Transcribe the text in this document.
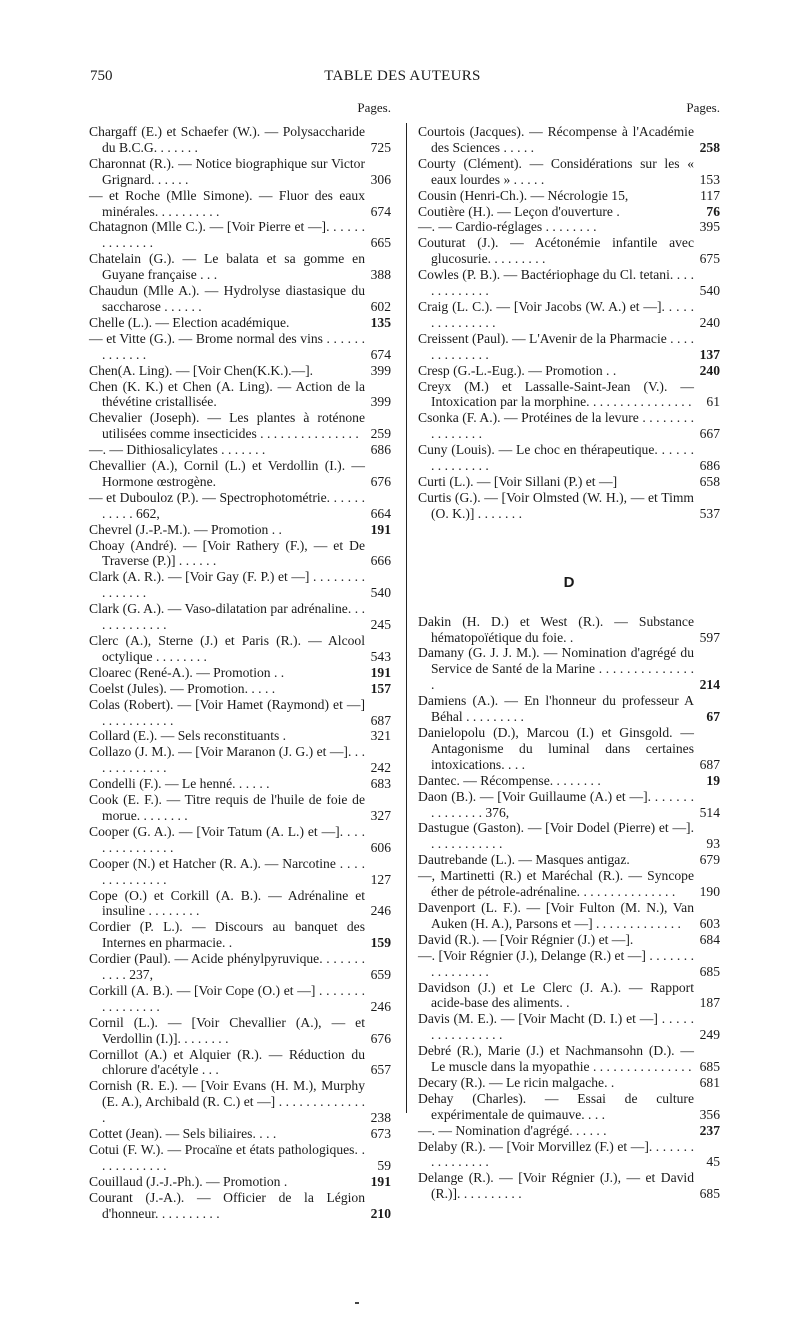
750	TABLE DES AUTEURS
Pages.
Chargaff (E.) et Schaefer (W.). — Polysaccharide du B.C.G. . . . . . .	725
Charonnat (R.). — Notice biographique sur Victor Grignard. . . . . .	306
— et Roche (Mlle Simone). — Fluor des eaux minérales. . . . . . . . . .	674
Chatagnon (Mlle C.). — [Voir Pierre et —]. . . . . . . . . . . . . .	665
Chatelain (G.). — Le balata et sa gomme en Guyane française . . .	388
Chaudun (Mlle A.). — Hydrolyse diastasique du saccharose . . . . . .	602
Chelle (L.). — Election académique.	135
— et Vitte (G.). — Brome normal des vins . . . . . . . . . . . . .	674
Chen(A. Ling). — [Voir Chen(K.K.).—].	399
Chen (K. K.) et Chen (A. Ling). — Action de la thévétine cristallisée.	399
Chevalier (Joseph). — Les plantes à roténone utilisées comme insecticides . . . . . . . . . . . . . . . 259
—. — Dithiosalicylates . . . . . . .	686
Chevallier (A.), Cornil (L.) et Verdollin (I.). — Hormone œstrogène.	676
— et Dubouloz (P.). — Spectrophotométrie. . . . . . . . . . . 662,	664
Chevrel (J.-P.-M.). — Promotion . .	191
Choay (André). — [Voir Rathery (F.), — et De Traverse (P.)] . . . . . .	666
Clark (A. R.). — [Voir Gay (F. P.) et —] . . . . . . . . . . . . . . .	540
Clark (G. A.). — Vaso-dilatation par adrénaline. . . . . . . . . . . . .	245
Clerc (A.), Sterne (J.) et Paris (R.). — Alcool octylique . . . . . . . .	543
Cloarec (René-A.). — Promotion . .	191
Coelst (Jules). — Promotion. . . . .	157
Colas (Robert). — [Voir Hamet (Raymond) et —] . . . . . . . . . . .	687
Collard (E.). — Sels reconstituants .	321
Collazo (J. M.). — [Voir Maranon (J. G.) et —]. . . . . . . . . . . . .	242
Condelli (F.). — Le henné. . . . . .	683
Cook (E. F.). — Titre requis de l'huile de foie de morue. . . . . . . .	327
Cooper (G. A.). — [Voir Tatum (A. L.) et —]. . . . . . . . . . . . . . .	606
Cooper (N.) et Hatcher (R. A.). — Narcotine . . . . . . . . . . . . . .	127
Cope (O.) et Corkill (A. B.). — Adrénaline et insuline . . . . . . . .	246
Cordier (P. L.). — Discours au banquet des Internes en pharmacie. .	159
Cordier (Paul). — Acide phénylpyruvique. . . . . . . . . . . 237,	659
Corkill (A. B.). — [Voir Cope (O.) et —] . . . . . . . . . . . . . . . .	246
Cornil (L.). — [Voir Chevallier (A.), — et Verdollin (I.)]. . . . . . . .	676
Cornillot (A.) et Alquier (R.). — Réduction du chlorure d'acétyle . . .	657
Cornish (R. E.). — [Voir Evans (H. M.), Murphy (E. A.), Archibald (R. C.) et —] . . . . . . . . . . . . . .	238
Cottet (Jean). — Sels biliaires. . . .	673
Cotui (F. W.). — Procaïne et états pathologiques. . . . . . . . . . . .	59
Couillaud (J.-J.-Ph.). — Promotion .	191
Courant (J.-A.). — Officier de la Légion d'honneur. . . . . . . . . .	210
Pages.
Courtois (Jacques). — Récompense à l'Académie des Sciences . . . . .	258
Courty (Clément). — Considérations sur les « eaux lourdes » . . . . .	153
Cousin (Henri-Ch.). — Nécrologie 15,	117
Coutière (H.). — Leçon d'ouverture .	76
—. — Cardio-réglages . . . . . . . .	395
Couturat (J.). — Acétonémie infantile avec glucosurie. . . . . . . . .	675
Cowles (P. B.). — Bactériophage du Cl. tetani. . . . . . . . . . . . .	540
Craig (L. C.). — [Voir Jacobs (W. A.) et —]. . . . . . . . . . . . . . .	240
Creissent (Paul). — L'Avenir de la Pharmacie . . . . . . . . . . . . .	137
Cresp (G.-L.-Eug.). — Promotion . .	240
Creyx (M.) et Lassalle-Saint-Jean (V.). — Intoxication par la morphine. . . . . . . . . . . . . . . . 61
Csonka (F. A.). — Protéines de la levure . . . . . . . . . . . . . . . .	667
Cuny (Louis). — Le choc en thérapeutique. . . . . . . . . . . . . . .	686
Curti (L.). — [Voir Sillani (P.) et —]	658
Curtis (G.). — [Voir Olmsted (W. H.), — et Timm (O. K.)] . . . . . . .	537
D
Dakin (H. D.) et West (R.). — Substance hématopoïétique du foie. .	597
Damany (G. J. J. M.). — Nomination d'agrégé du Service de Santé de la Marine . . . . . . . . . . . . . . .	214
Damiens (A.). — En l'honneur du professeur A Béhal . . . . . . . . .	67
Danielopolu (D.), Marcou (I.) et Ginsgold. — Antagonisme du luminal dans certaines intoxications. . . .	687
Dantec. — Récompense. . . . . . . .	19
Daon (B.). — [Voir Guillaume (A.) et —]. . . . . . . . . . . . . . . 376,	514
Dastugue (Gaston). — [Voir Dodel (Pierre) et —]. . . . . . . . . . . .	93
Dautrebande (L.). — Masques antigaz.	679
—, Martinetti (R.) et Maréchal (R.). — Syncope éther de pétrole-adrénaline. . . . . . . . . . . . . . . 190
Davenport (L. F.). — [Voir Fulton (M. N.), Van Auken (H. A.), Parsons et —] . . . . . . . . . . . . . 603
David (R.). — [Voir Régnier (J.) et —].	684
—. [Voir Régnier (J.), Delange (R.) et —] . . . . . . . . . . . . . . . .	685
Davidson (J.) et Le Clerc (J. A.). — Rapport acide-base des aliments. .	187
Davis (M. E.). — [Voir Macht (D. I.) et —] . . . . . . . . . . . . . . . .	249
Debré (R.), Marie (J.) et Nachmansohn (D.). — Le muscle dans la myopathie . . . . . . . . . . . . . . . 685
Decary (R.). — Le ricin malgache. .	681
Dehay (Charles). — Essai de culture expérimentale de quimauve. . . .	356
—. — Nomination d'agrégé. . . . . .	237
Delaby (R.). — [Voir Morvillez (F.) et —]. . . . . . . . . . . . . . . .	45
Delange (R.). — [Voir Régnier (J.), — et David (R.)]. . . . . . . . . .	685
